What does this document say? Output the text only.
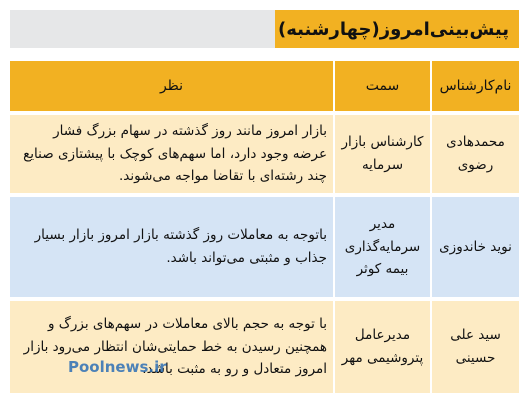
پیش‌بینی‌امروز(چهارشنبه)
نام‌کارشناس	سمت	نظر
محمدهادی رضوی	کارشناس بازار سرمایه	بازار امروز مانند روز گذشته در سهام بزرگ فشار عرضه وجود دارد، اما سهم‌های کوچک با پیشتازی صنایع چند رشته‌ای با تقاضا مواجه می‌شوند.
نوید خاندوزی	مدیر سرمایه‌گذاری بیمه کوثر	باتوجه به معاملات روز گذشته بازار امروز بازار بسیار جذاب و مثبتی می‌تواند باشد.
سید علی حسینی	مدیرعامل پتروشیمی مهر	با توجه به حجم بالای معاملات در سهم‌های بزرگ و همچنین رسیدن به خط حمایتی‌شان انتظار می‌رود بازار امروز متعادل و رو به مثبت باشد.
Poolnews.ir
